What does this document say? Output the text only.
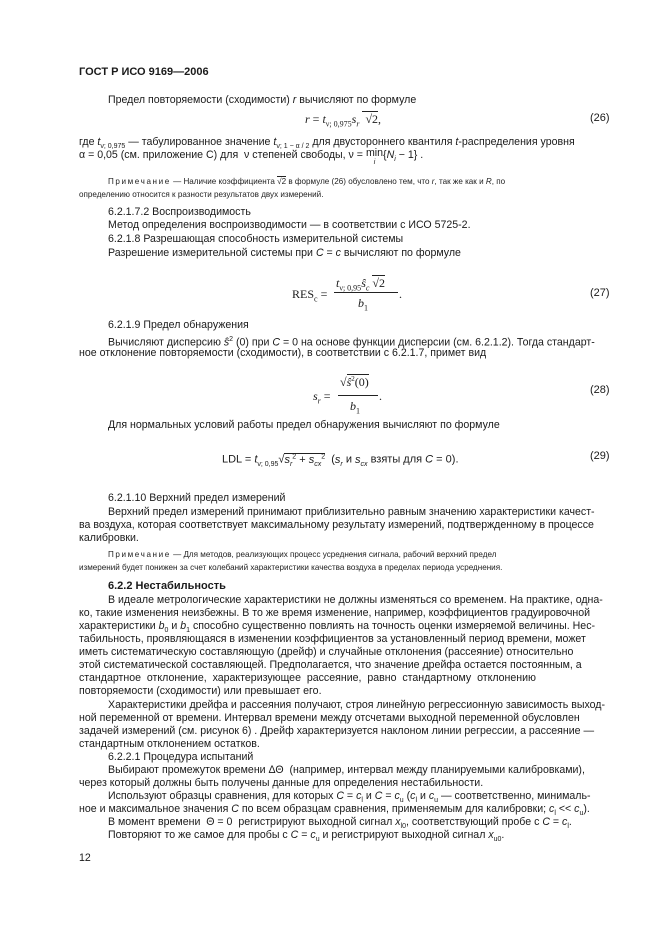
ГОСТ Р ИСО 9169—2006
Предел повторяемости (сходимости) r вычисляют по формуле
$r = t_{\nu; 0,975}s_r$  √2,	(26)
где $t_{\nu; 0,975}$ — табулированное значение $t_{\nu; 1 - \alpha / 2}$ для двустороннего квантиля t-распределения уровня
α = 0,05 (см. приложение С) для  ν степеней свободы, ν = min
$i\{N_i - 1\}$ .
Примечание — Наличие коэффициента √2 в формуле (26) обусловлено тем, что r, так же как и R, по
определению относится к разности результатов двух измерений.
6.2.1.7.2 Воспроизводимость
Метод определения воспроизводимости — в соответствии с ИСО 5725-2.
6.2.1.8 Разрешающая способность измерительной системы
Разрешение измерительной системы при C = c вычисляют по формуле
$RES_c$ =
$t_{\nu; 0,95}ŝ_c$ √2
$b_1$
.	(27)
6.2.1.9 Предел обнаружения
Вычисляют дисперсию $ŝ^2$ (0) при C = 0 на основе функции дисперсии (см. 6.2.1.2). Тогда стандарт-
ное отклонение повторяемости (сходимости), в соответствии с 6.2.1.7, примет вид
$s_r$ =
$√ŝ^2(0)$
$b_1$
.	(28)
Для нормальных условий работы предел обнаружения вычисляют по формуле
LDL = $t_{\nu; 0,95}√s_r^2 + s_{cx}^2$  ($s_r$ и $s_{cx}$ взяты для C = 0).	(29)
6.2.1.10 Верхний предел измерений
Верхний предел измерений принимают приблизительно равным значению характеристики качест-
ва воздуха, которая соответствует максимальному результату измерений, подтвержденному в процессе
калибровки.
Примечание — Для методов, реализующих процесс усреднения сигнала, рабочий верхний предел
измерений будет понижен за счет колебаний характеристики качества воздуха в пределах периода усреднения.
6.2.2 Нестабильность
В идеале метрологические характеристики не должны изменяться со временем. На практике, одна-
ко, такие изменения неизбежны. В то же время изменение, например, коэффициентов градуировочной
характеристики $b_0$ и $b_1$ способно существенно повлиять на точность оценки измеряемой величины. Нес-
табильность, проявляющаяся в изменении коэффициентов за установленный период времени, может
иметь систематическую составляющую (дрейф) и случайные отклонения (рассеяние) относительно
этой систематической составляющей. Предполагается, что значение дрейфа остается постоянным, а
стандартное  отклонение,  характеризующее  рассеяние,  равно  стандартному  отклонению
повторяемости (сходимости) или превышает его.
Характеристики дрейфа и рассеяния получают, строя линейную регрессионную зависимость выход-
ной переменной от времени. Интервал времени между отсчетами выходной переменной обусловлен
задачей измерений (см. рисунок 6) . Дрейф характеризуется наклоном линии регрессии, а рассеяние —
стандартным отклонением остатков.
6.2.2.1 Процедура испытаний
Выбирают промежуток времени ΔΘ  (например, интервал между планируемыми калибровками),
через который должны быть получены данные для определения нестабильности.
Используют образцы сравнения, для которых $C = c_l$ и $C = c_u$ ($c_l$ и $c_u$ — соответственно, минималь-
ное и максимальное значения C по всем образцам сравнения, применяемым для калибровки; $c_l << c_u$).
В момент времени  Θ = 0  регистрируют выходной сигнал $x_{l0}$, соответствующий пробе с $C = c_l$.
Повторяют то же самое для пробы с $C = c_u$ и регистрируют выходной сигнал $x_{u0}$.
12
